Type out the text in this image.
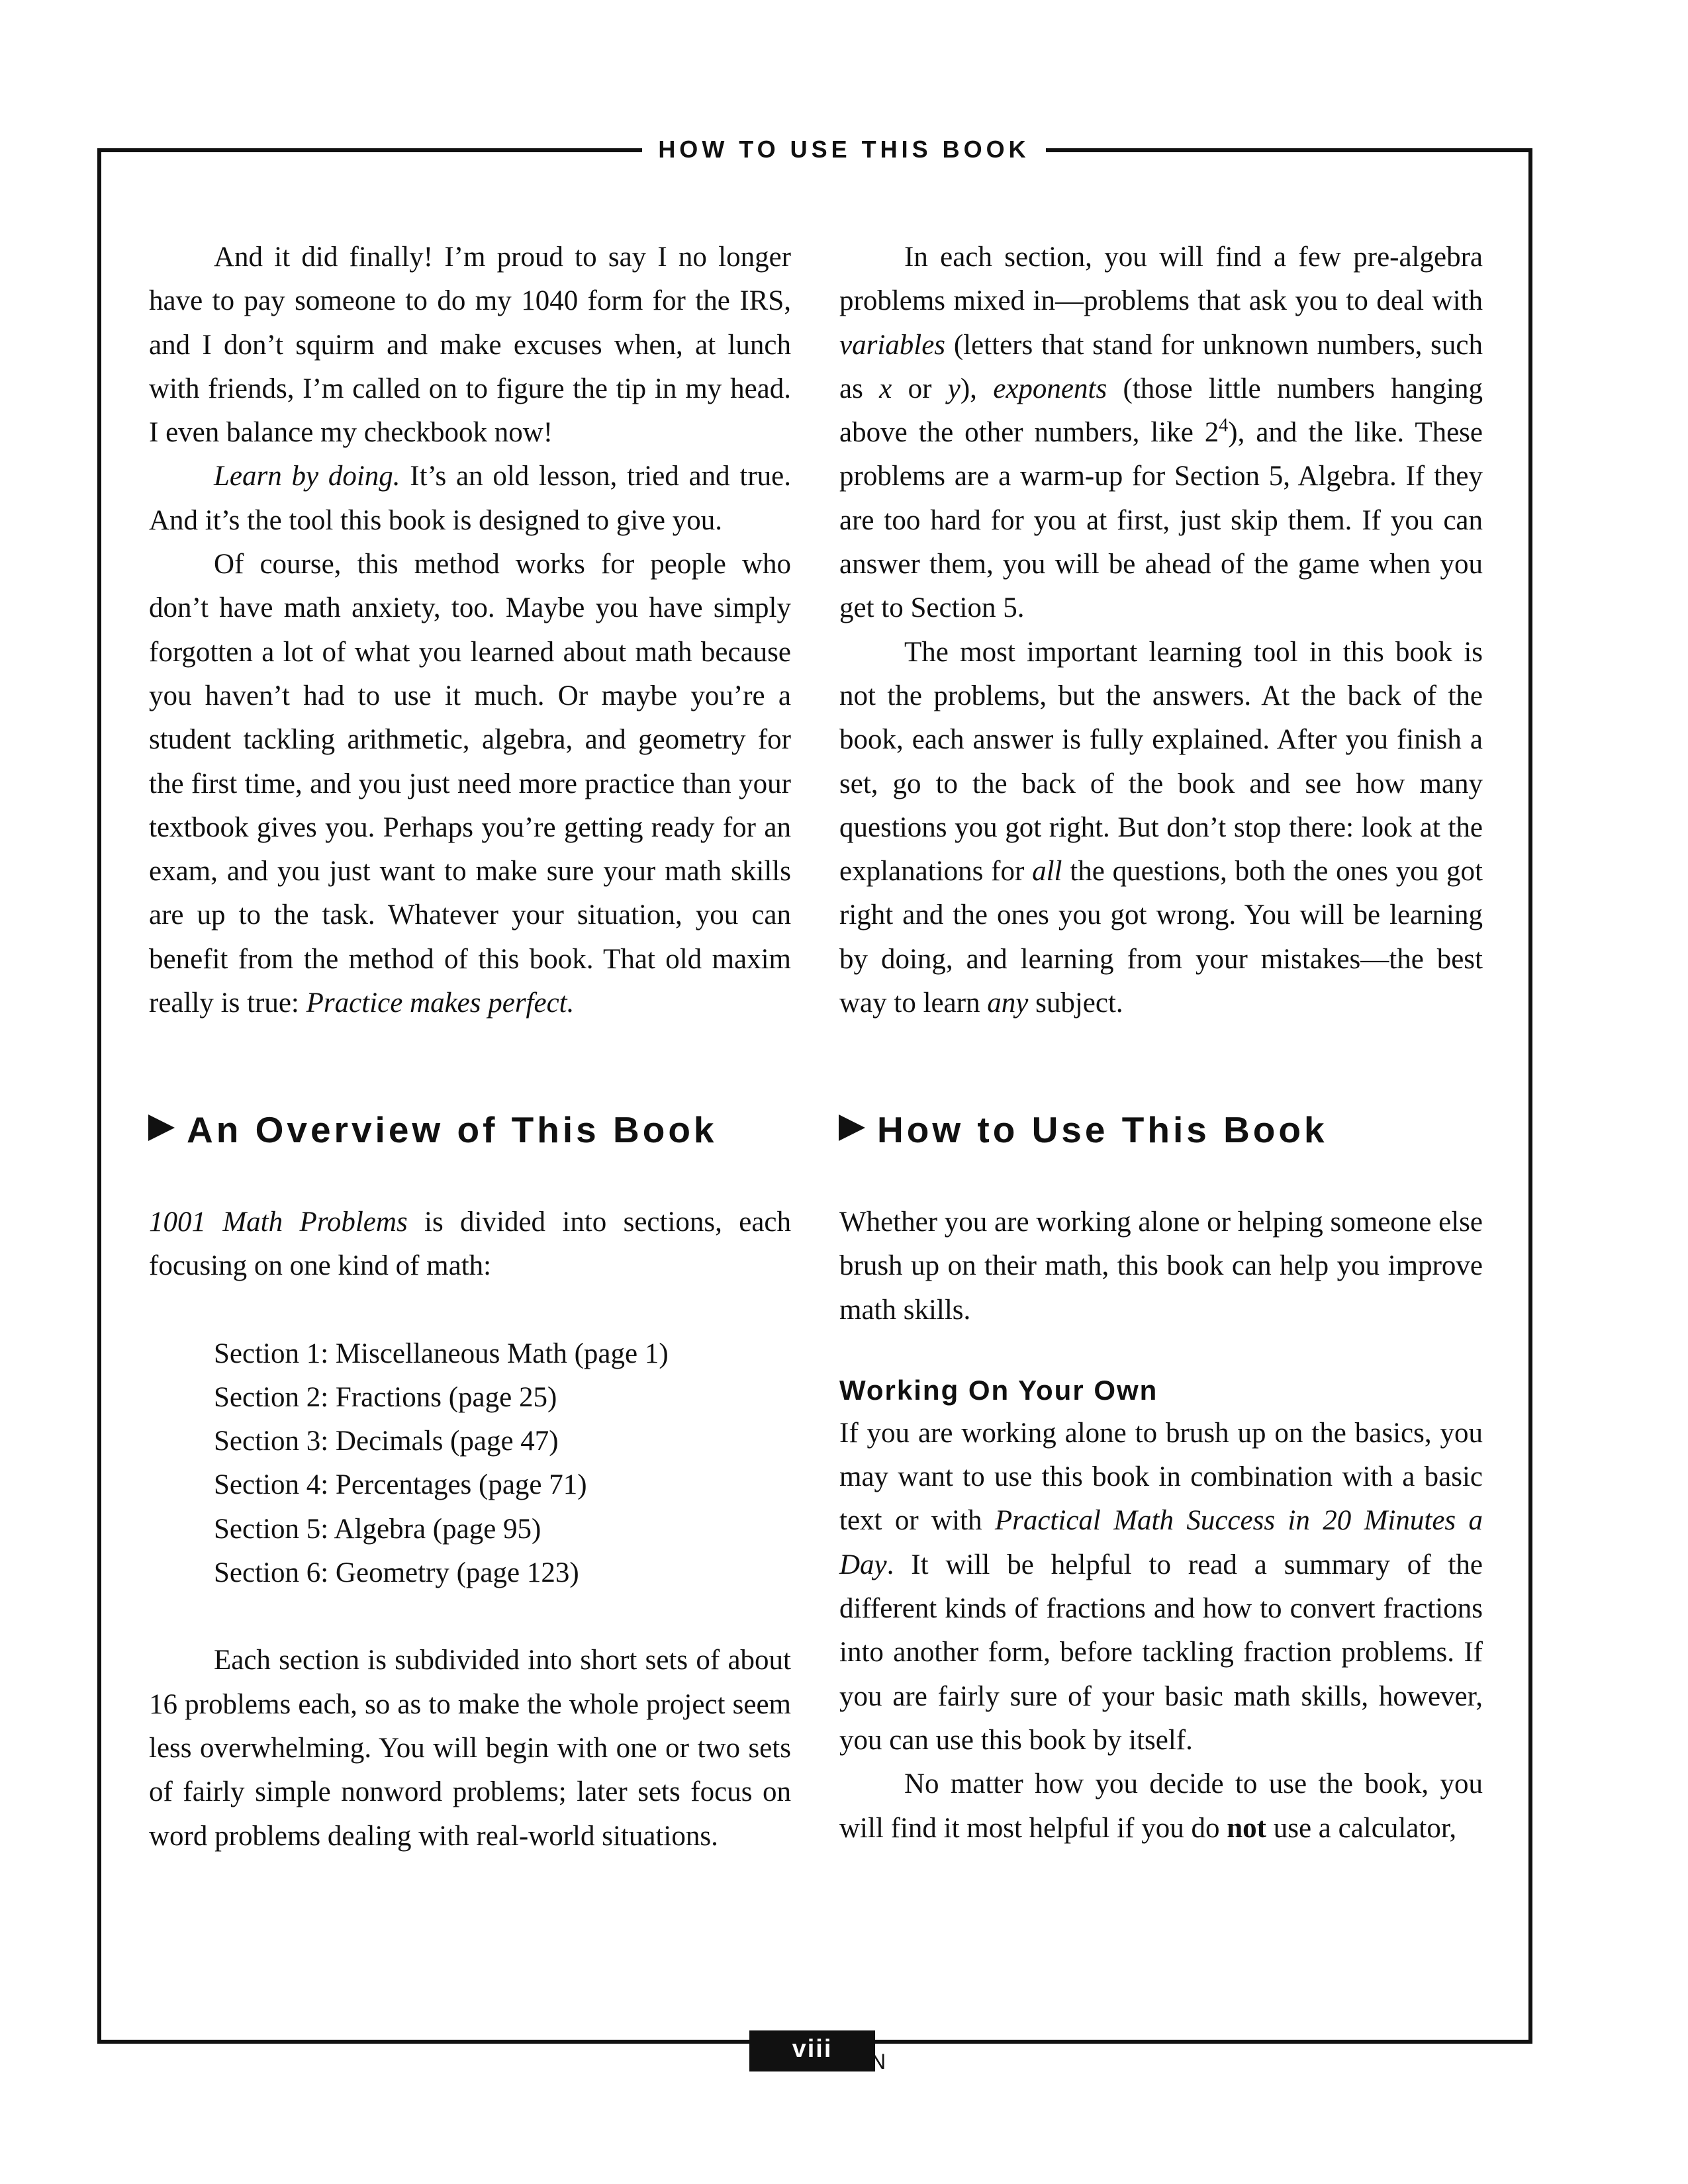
HOW TO USE THIS BOOK

And it did finally! I’m proud to say I no longer have to pay someone to do my 1040 form for the IRS, and I don’t squirm and make excuses when, at lunch with friends, I’m called on to figure the tip in my head. I even balance my checkbook now!

Learn by doing. It’s an old lesson, tried and true. And it’s the tool this book is designed to give you.

Of course, this method works for people who don’t have math anxiety, too. Maybe you have simply forgotten a lot of what you learned about math because you haven’t had to use it much. Or maybe you’re a student tackling arithmetic, algebra, and geometry for the first time, and you just need more practice than your textbook gives you. Perhaps you’re getting ready for an exam, and you just want to make sure your math skills are up to the task. Whatever your situation, you can benefit from the method of this book. That old maxim really is true: Practice makes perfect.

In each section, you will find a few pre-algebra problems mixed in—problems that ask you to deal with variables (letters that stand for unknown numbers, such as x or y), exponents (those little numbers hanging above the other numbers, like $2^4$), and the like. These problems are a warm-up for Section 5, Algebra. If they are too hard for you at first, just skip them. If you can answer them, you will be ahead of the game when you get to Section 5.

The most important learning tool in this book is not the problems, but the answers. At the back of the book, each answer is fully explained. After you finish a set, go to the back of the book and see how many questions you got right. But don’t stop there: look at the explanations for all the questions, both the ones you got right and the ones you got wrong. You will be learning by doing, and learning from your mistakes—the best way to learn any subject.

An Overview of This Book	How to Use This Book

1001 Math Problems is divided into sections, each focusing on one kind of math:

Section 1: Miscellaneous Math (page 1)

Section 2: Fractions (page 25)

Section 3: Decimals (page 47)

Section 4: Percentages (page 71)

Section 5: Algebra (page 95)

Section 6: Geometry (page 123)

Each section is subdivided into short sets of about 16 problems each, so as to make the whole project seem less overwhelming. You will begin with one or two sets of fairly simple nonword problems; later sets focus on word problems dealing with real-world situations.

Whether you are working alone or helping someone else brush up on their math, this book can help you improve math skills.

Working On Your Own

If you are working alone to brush up on the basics, you may want to use this book in combination with a basic text or with Practical Math Success in 20 Minutes a Day. It will be helpful to read a summary of the different kinds of fractions and how to convert fractions into another form, before tackling fraction problems. If you are fairly sure of your basic math skills, however, you can use this book by itself.

No matter how you decide to use the book, you will find it most helpful if you do not use a calculator,

viii	N
